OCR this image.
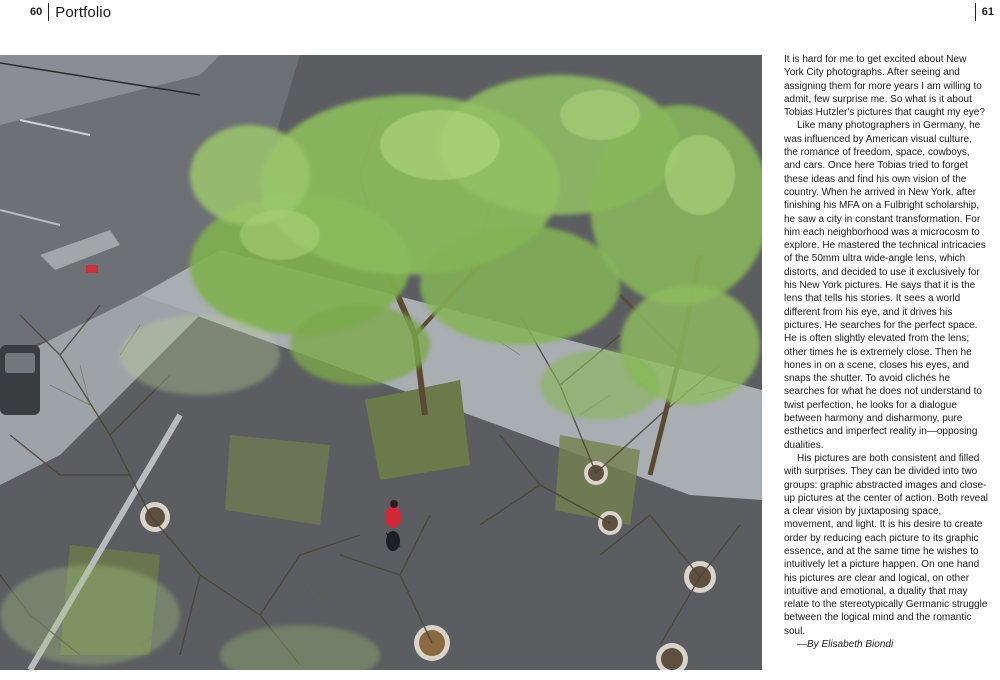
60 Portfolio	61

It is hard for me to get excited about New York City photographs. After seeing and assigning them for more years I am willing to admit, few surprise me. So what is it about Tobias Hutzler's pictures that caught my eye?

Like many photographers in Germany, he was influenced by American visual culture, the romance of freedom, space, cowboys, and cars. Once here Tobias tried to forget these ideas and find his own vision of the country. When he arrived in New York, after finishing his MFA on a Fulbright scholarship, he saw a city in constant transformation. For him each neighborhood was a microcosm to explore. He mastered the technical intricacies of the 50mm ultra wide-angle lens, which distorts, and decided to use it exclusively for his New York pictures. He says that it is the lens that tells his stories. It sees a world different from his eye, and it drives his pictures. He searches for the perfect space. He is often slightly elevated from the lens; other times he is extremely close. Then he hones in on a scene, closes his eyes, and snaps the shutter. To avoid clichés he searches for what he does not understand to twist perfection, he looks for a dialogue between harmony and disharmony, pure esthetics and imperfect reality in—opposing dualities.

His pictures are both consistent and filled with surprises. They can be divided into two groups: graphic abstracted images and close-up pictures at the center of action. Both reveal a clear vision by juxtaposing space, movement, and light. It is his desire to create order by reducing each picture to its graphic essence, and at the same time he wishes to intuitively let a picture happen. On one hand his pictures are clear and logical, on other intuitive and emotional, a duality that may relate to the stereotypically Germanic struggle between the logical mind and the romantic soul.

—By Elisabeth Biondi
